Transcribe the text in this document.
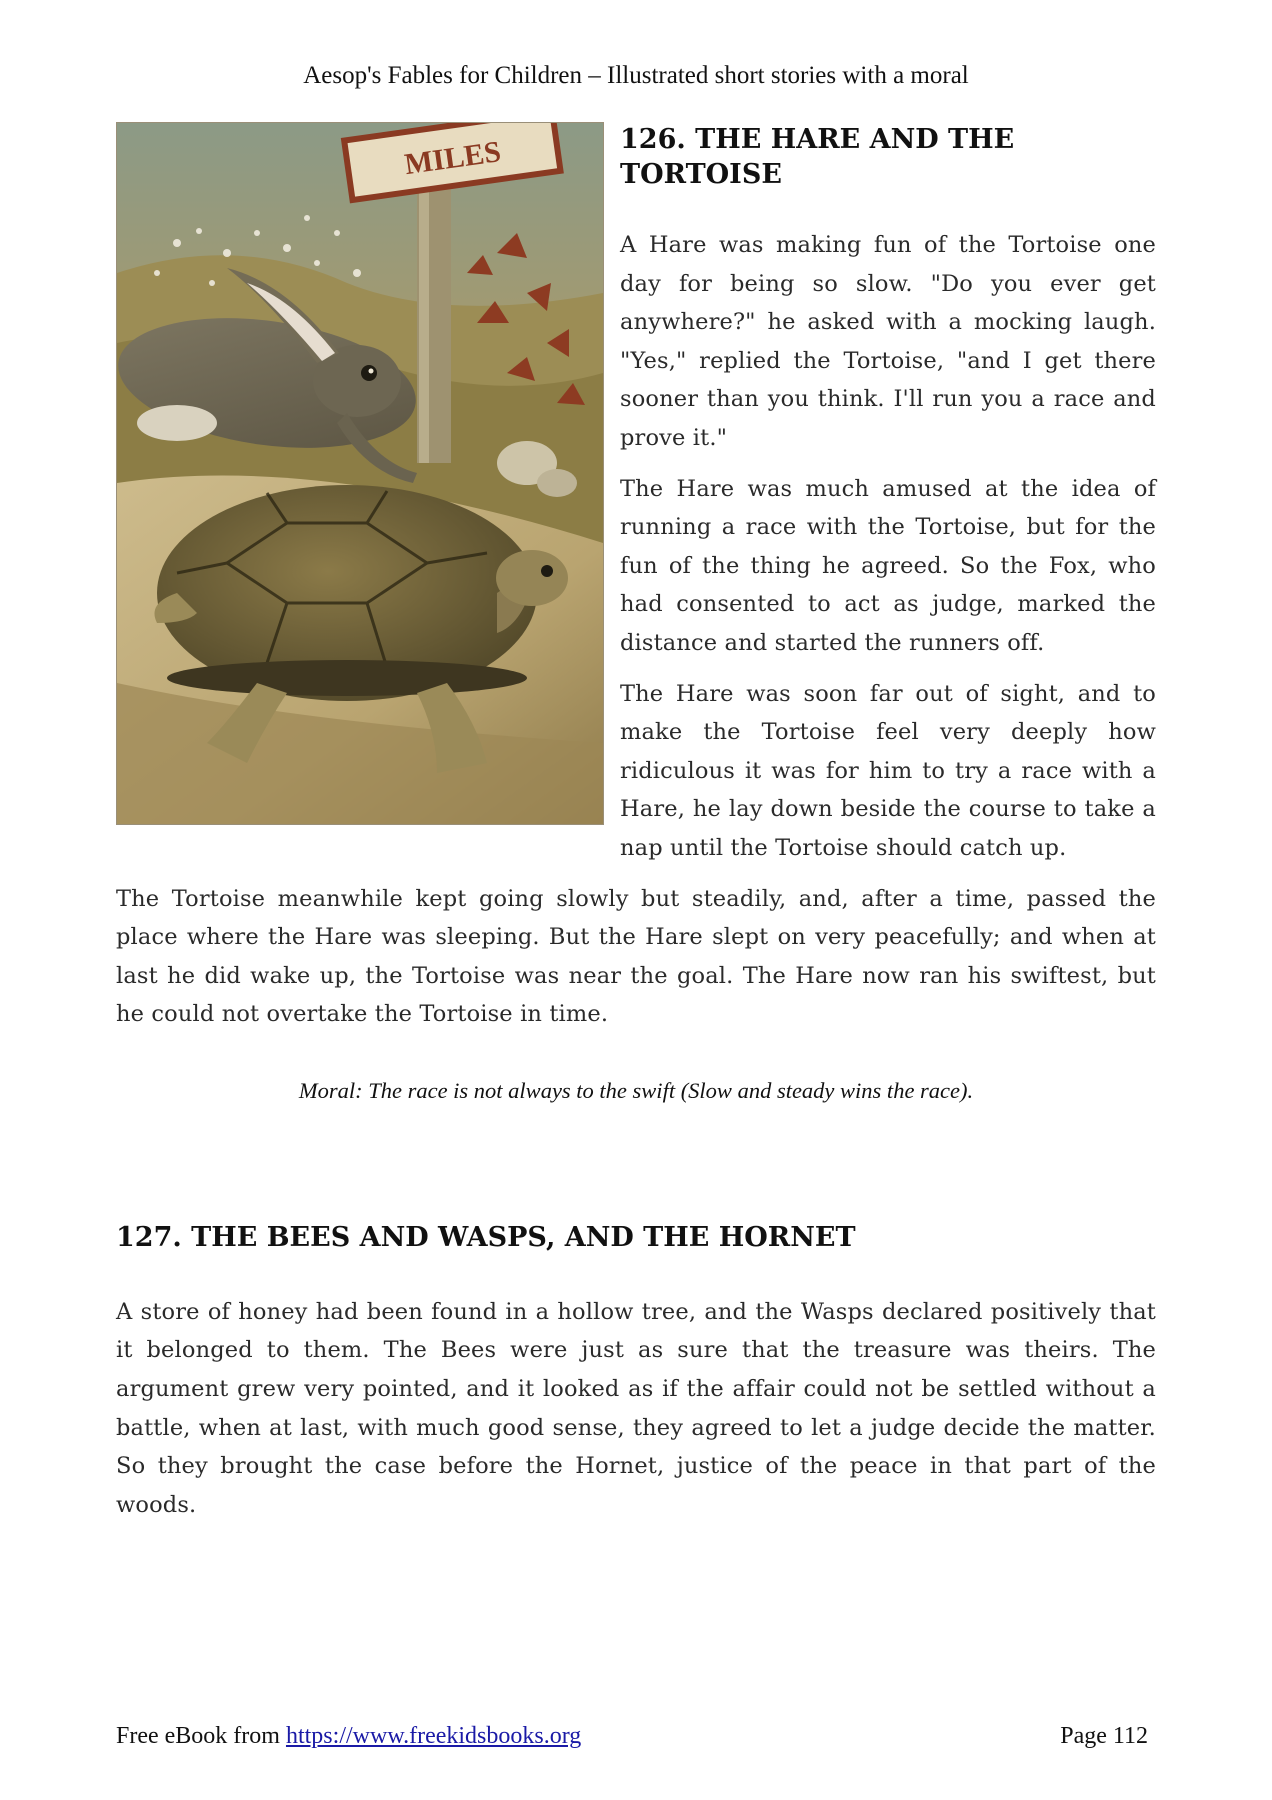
Aesop's Fables for Children – Illustrated short stories with a moral
MILES	126. THE HARE AND THE
TORTOISE

A Hare was making fun of the Tortoise one day for being so slow. "Do you ever get anywhere?" he asked with a mocking laugh. "Yes," replied the Tortoise, "and I get there sooner than you think. I'll run you a race and prove it."

The Hare was much amused at the idea of running a race with the Tortoise, but for the fun of the thing he agreed. So the Fox, who had consented to act as judge, marked the distance and started the runners off.

The Hare was soon far out of sight, and to make the Tortoise feel very deeply how ridiculous it was for him to try a race with a Hare, he lay down beside the course to take a nap until the Tortoise should catch up.

The Tortoise meanwhile kept going slowly but steadily, and, after a time, passed the place where the Hare was sleeping. But the Hare slept on very peacefully; and when at last he did wake up, the Tortoise was near the goal. The Hare now ran his swiftest, but he could not overtake the Tortoise in time.

Moral: The race is not always to the swift (Slow and steady wins the race).
127. THE BEES AND WASPS, AND THE HORNET

A store of honey had been found in a hollow tree, and the Wasps declared positively that it belonged to them. The Bees were just as sure that the treasure was theirs. The argument grew very pointed, and it looked as if the affair could not be settled without a battle, when at last, with much good sense, they agreed to let a judge decide the matter. So they brought the case before the Hornet, justice of the peace in that part of the woods.

Free eBook from https://www.freekidsbooks.org	Page 112
